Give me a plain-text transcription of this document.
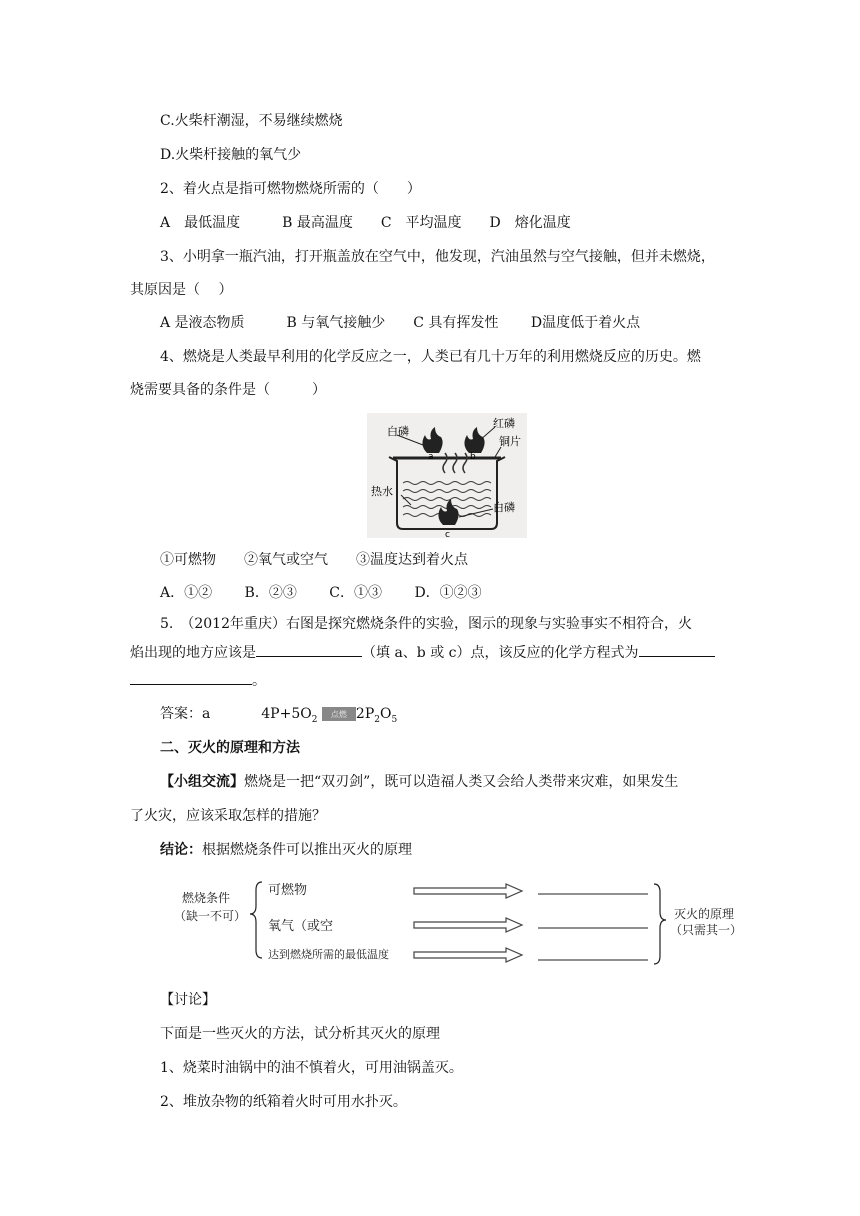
C.火柴杆潮湿，不易继续燃烧
D.火柴杆接触的氧气少
2、着火点是指可燃物燃烧所需的（　　）
A　最低温度　　　B 最高温度　　C　平均温度　　D　熔化温度
3、小明拿一瓶汽油，打开瓶盖放在空气中，他发现，汽油虽然与空气接触，但并未燃烧，
其原因是（　 ）
A 是液态物质　　　B 与氧气接触少　　C 具有挥发性　　 D温度低于着火点
4、燃烧是人类最早利用的化学反应之一，人类已有几十万年的利用燃烧反应的历史。燃
烧需要具备的条件是（　　　）
白磷
红磷
铜片
热水
白磷
a	b
c
①可燃物　　②氧气或空气　　③温度达到着火点
A．①②　　 B．②③　　 C．①③　　 D．①②③
5.　（2012年重庆）右图是探究燃烧条件的实验，图示的现象与实验事实不相符合，火
焰出现的地方应该是	（填 a、b 或 c）点，该反应的化学方程式为
。
答案：a	$4P+5O_2$
点燃 $2P_2O_5$
二、灭火的原理和方法
【小组交流】燃烧是一把“双刃剑”，既可以造福人类又会给人类带来灾难，如果发生
了火灾，应该采取怎样的措施？
结论：根据燃烧条件可以推出灭火的原理
燃烧条件
（缺一不可）
可燃物
氧气（或空
达到燃烧所需的最低温度
灭火的原理
（只需其一）
【讨论】
下面是一些灭火的方法，试分析其灭火的原理
1、烧菜时油锅中的油不慎着火，可用油锅盖灭。
2、堆放杂物的纸箱着火时可用水扑灭。
